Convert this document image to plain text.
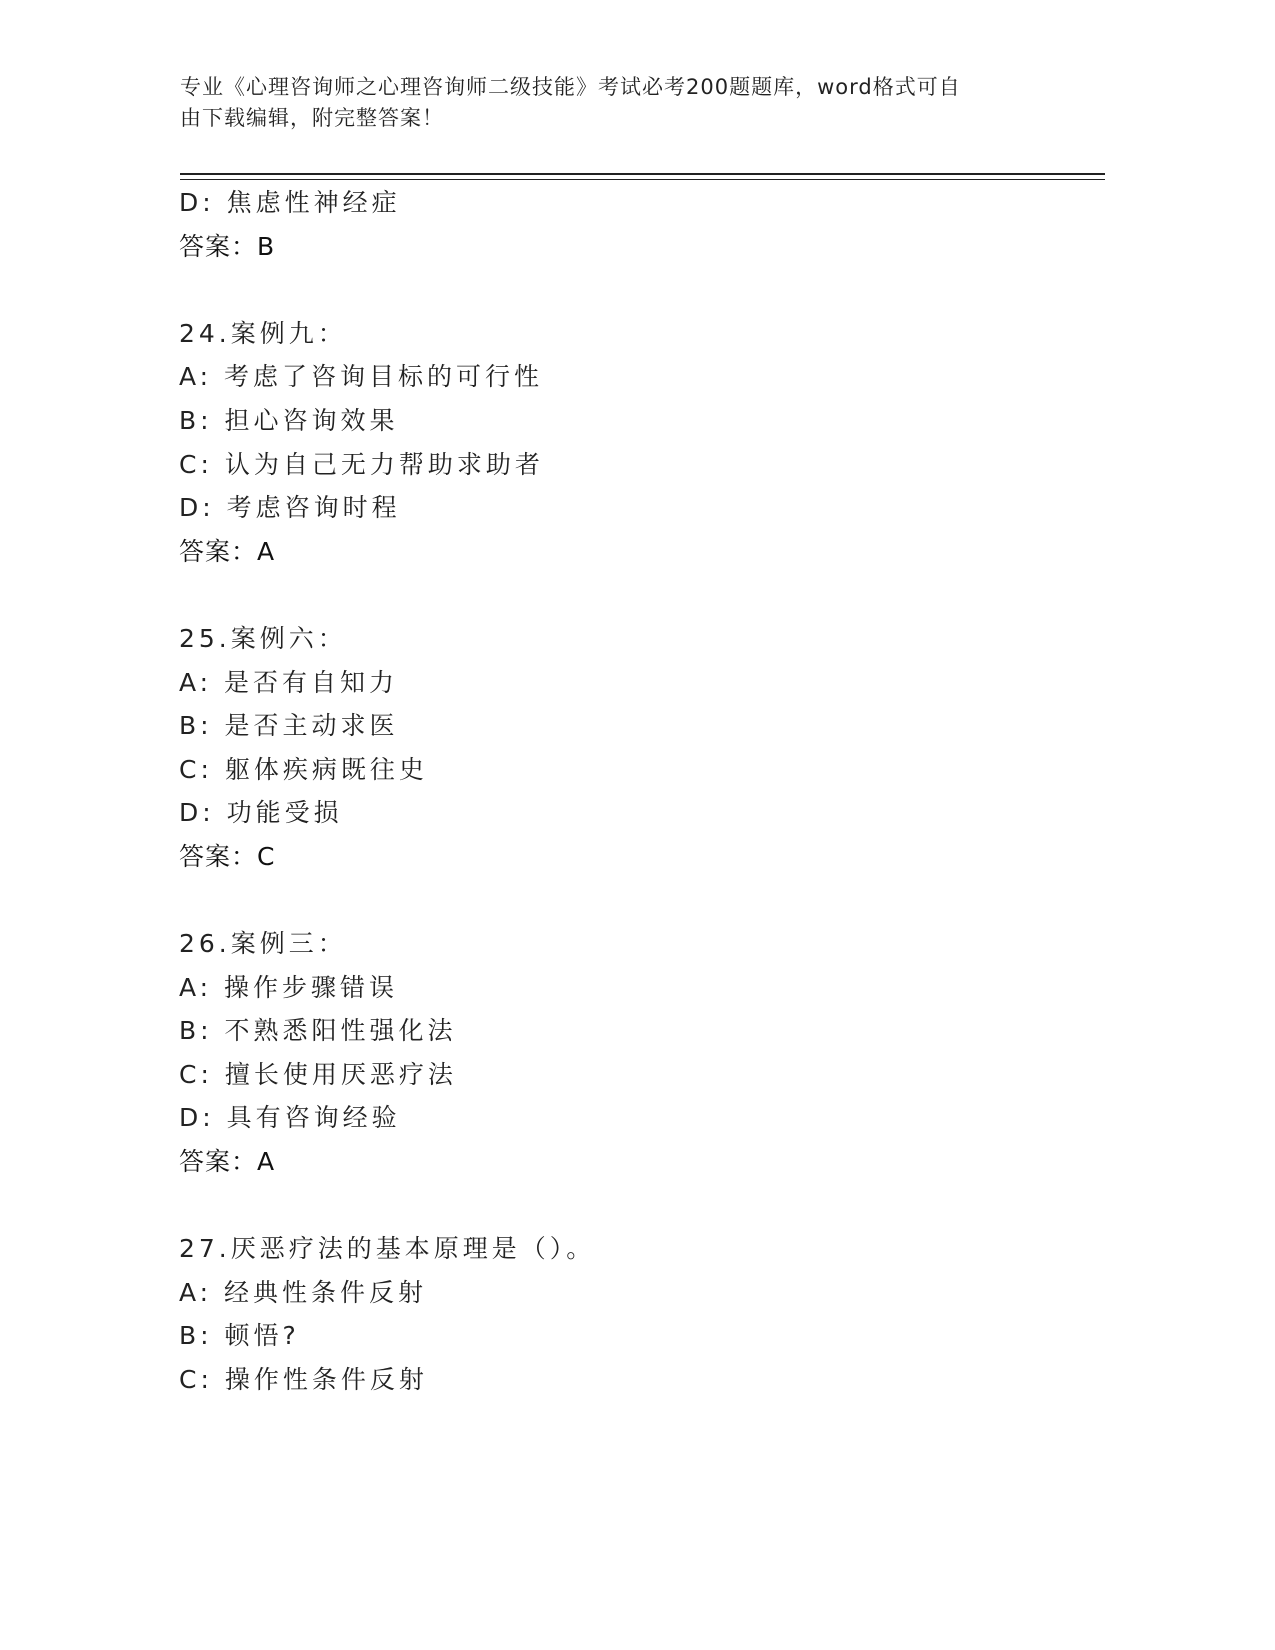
专业《心理咨询师之心理咨询师二级技能》考试必考200题题库，word格式可自
由下载编辑，附完整答案！
D: 焦虑性神经症
答案：B
24.案例九：
A: 考虑了咨询目标的可行性
B: 担心咨询效果
C: 认为自己无力帮助求助者
D: 考虑咨询时程
答案：A
25.案例六：
A: 是否有自知力
B: 是否主动求医
C: 躯体疾病既往史
D: 功能受损
答案：C
26.案例三：
A: 操作步骤错误
B: 不熟悉阳性强化法
C: 擅长使用厌恶疗法
D: 具有咨询经验
答案：A
27.厌恶疗法的基本原理是（）。
A: 经典性条件反射
B: 顿悟?
C: 操作性条件反射
